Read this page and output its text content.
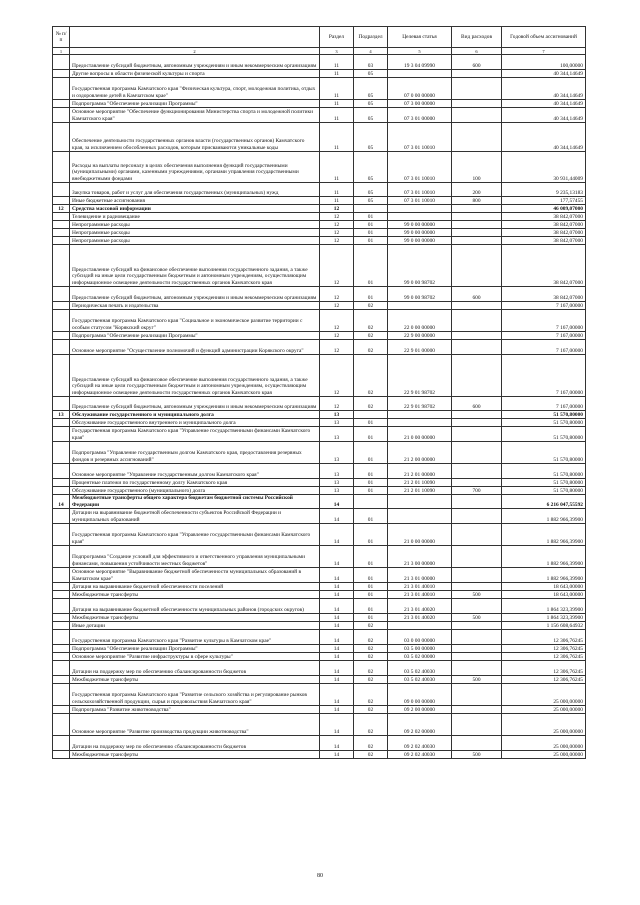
№ п/п		Раздел	Подраздел	Целевая статья	Вид расходов	Годовой объем ассигнований
1	2	3	4	5	6	7
	Предоставление субсидий бюджетным, автономным учреждениям и иным некоммерческим организациям	11	03	19 3 04 09990	600	100,00000
	Другие вопросы в области физической культуры и спорта	11	05			40 344,14649
	Государственная программа Камчатского края "Физическая культура, спорт, молодежная политика, отдых и оздоровление детей в Камчатском крае"	11	05	07 0 00 00000		40 344,14649
	Подпрограмма "Обеспечение реализации Программы"	11	05	07 3 00 00000		40 344,14649
	Основное мероприятие "Обеспечение функционирования Министерства спорта и молодежной политики Камчатского края"	11	05	07 3 01 00000		40 344,14649
	Обеспечение деятельности государственных органов власти (государственных органов) Камчатского края, за исключением обособленных расходов, которым присваиваются уникальные коды	11	05	07 3 01 10010		40 344,14649
	Расходы на выплаты персоналу в целях обеспечения выполнения функций государственными (муниципальными) органами, казенными учреждениями, органами управления государственными внебюджетными фондами	11	05	07 3 01 10010	100	30 931,44009
	Закупка товаров, работ и услуг для обеспечения государственных (муниципальных) нужд	11	05	07 3 01 10010	200	9 235,13183
	Иные бюджетные ассигнования	11	05	07 3 01 10010	800	177,57455
12	Средства массовой информации	12				46 009,07000
	Телевидение и радиовещание	12	01			38 842,07000
	Непрограммные расходы	12	01	99 0 00 00000		38 842,07000
	Непрограммные расходы	12	01	99 0 00 00000		38 842,07000
	Непрограммные расходы	12	01	99 0 00 00000		38 842,07000
	Предоставление субсидий на финансовое обеспечение выполнения государственного задания, а также субсидий на иные цели государственным бюджетным и автономным учреждениям, осуществляющим информационное освещение деятельности государственных органов Камчатского края	12	01	99 0 00 98702		38 842,07000
	Предоставление субсидий бюджетным, автономным учреждениям и иным некоммерческим организациям	12	01	99 0 00 98702	600	38 842,07000
	Периодическая печать и издательства	12	02			7 167,00000
	Государственная программа Камчатского края "Социальное и экономическое развитие территории с особым статусом "Корякский округ"	12	02	22 0 00 00000		7 167,00000
	Подпрограмма "Обеспечение реализации Программы"	12	02	22 9 00 00000		7 167,00000
	Основное мероприятие "Осуществление полномочий и функций администрации Корякского округа"	12	02	22 9 01 00000		7 167,00000
	Предоставление субсидий на финансовое обеспечение выполнения государственного задания, а также субсидий на иные цели государственным бюджетным и автономным учреждениям, осуществляющим информационное освещение деятельности государственных органов Камчатского края	12	02	22 9 01 98702		7 167,00000
	Предоставление субсидий бюджетным, автономным учреждениям и иным некоммерческим организациям	12	02	22 9 01 98702	600	7 167,00000
13	Обслуживание государственного и муниципального долга	13				51 570,80000
	Обслуживание государственного внутреннего и муниципального долга	13	01			51 570,80000
	Государственная программа Камчатского края "Управление государственными финансами Камчатского края"	13	01	21 0 00 00000		51 570,80000
	Подпрограмма "Управление государственным долгом Камчатского края, предоставления резервных фондов и резервных ассигнований"	13	01	21 2 00 00000		51 570,80000
	Основное мероприятие "Управление государственным долгом Камчатского края"	13	01	21 2 01 00000		51 570,80000
	Процентные платежи по государственному долгу Камчатского края	13	01	21 2 01 10090		51 570,80000
	Обслуживание государственного (муниципального) долга	13	01	21 2 01 10090	700	51 570,80000
14	Межбюджетные трансферты общего характера бюджетам бюджетной системы Российской Федерации	14				6 216 047,55592
	Дотации на выравнивание бюджетной обеспеченности субъектов Российской Федерации и муниципальных образований	14	01			1 882 966,39900
	Государственная программа Камчатского края "Управление государственными финансами Камчатского края"	14	01	21 0 00 00000		1 882 966,39900
	Подпрограмма "Создание условий для эффективного и ответственного управления муниципальными финансами, повышения устойчивости местных бюджетов"	14	01	21 3 00 00000		1 882 966,39900
	Основное мероприятие "Выравнивание бюджетной обеспеченности муниципальных образований в Камчатском крае"	14	01	21 3 01 00000		1 882 966,39900
	Дотация на выравнивание бюджетной обеспеченности поселений	14	01	21 3 01 40010		18 643,00000
	Межбюджетные трансферты	14	01	21 3 01 40010	500	18 643,00000
	Дотация на выравнивание бюджетной обеспеченности муниципальных районов (городских округов)	14	01	21 3 01 40020		1 864 323,39900
	Межбюджетные трансферты	14	01	21 3 01 40020	500	1 864 323,39900
	Иные дотации	14	02			1 156 608,64932
	Государственная программа Камчатского края "Развитие культуры в Камчатском крае"	14	02	03 0 00 00000		12 306,76245
	Подпрограмма "Обеспечение реализации Программы"	14	02	03 5 00 00000		12 306,76245
	Основное мероприятие "Развитие инфраструктуры в сфере культуры"	14	02	03 5 02 00000		12 306,76245
	Дотации на поддержку мер по обеспечению сбалансированности бюджетов	14	02	03 5 02 40030		12 306,76245
	Межбюджетные трансферты	14	02	03 5 02 40030	500	12 306,76245
	Государственная программа Камчатского края "Развитие сельского хозяйства и регулирование рынков сельскохозяйственной продукции, сырья и продовольствия Камчатского края"	14	02	09 0 00 00000		25 000,00000
	Подпрограмма "Развитие животноводства"	14	02	09 2 00 00000		25 000,00000
	Основное мероприятие "Развитие производства продукции животноводства"	14	02	09 2 02 00000		25 000,00000
	Дотации на поддержку мер по обеспечению сбалансированности бюджетов	14	02	09 2 02 40030		25 000,00000
	Межбюджетные трансферты	14	02	09 2 02 40030	500	25 000,00000
80
